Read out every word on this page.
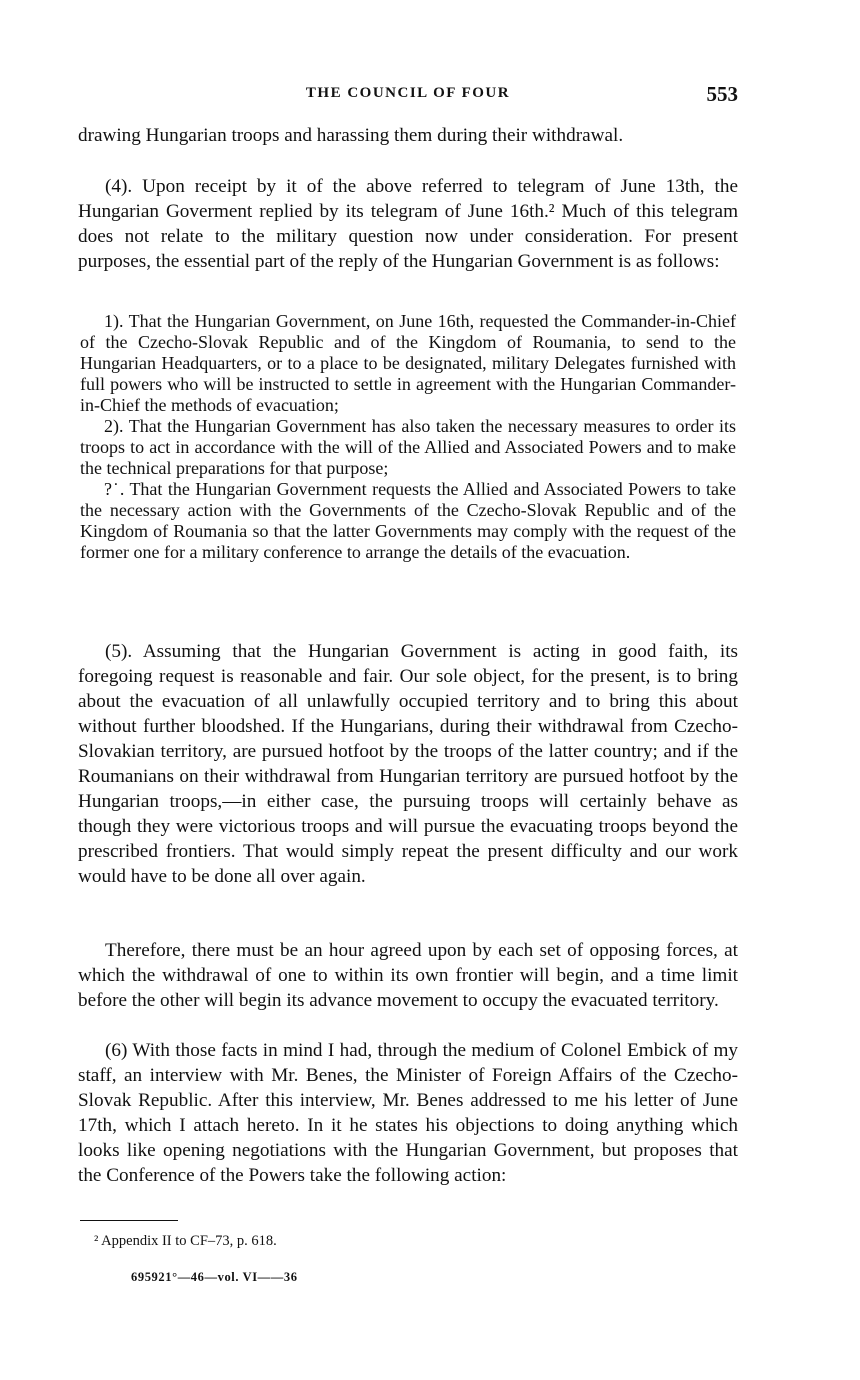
THE COUNCIL OF FOUR	553

drawing Hungarian troops and harassing them during their withdrawal.

(4). Upon receipt by it of the above referred to telegram of June 13th, the Hungarian Goverment replied by its telegram of June 16th.² Much of this telegram does not relate to the military question now under consideration. For present purposes, the essential part of the reply of the Hungarian Government is as follows:

1). That the Hungarian Government, on June 16th, requested the Commander-in-Chief of the Czecho-Slovak Republic and of the Kingdom of Roumania, to send to the Hungarian Headquarters, or to a place to be designated, military Delegates furnished with full powers who will be instructed to settle in agreement with the Hungarian Commander-in-Chief the methods of evacuation;

2). That the Hungarian Government has also taken the necessary measures to order its troops to act in accordance with the will of the Allied and Associated Powers and to make the technical preparations for that purpose;

?˙. That the Hungarian Government requests the Allied and Associated Powers to take the necessary action with the Governments of the Czecho-Slovak Republic and of the Kingdom of Roumania so that the latter Governments may comply with the request of the former one for a military conference to arrange the details of the evacuation.

(5). Assuming that the Hungarian Government is acting in good faith, its foregoing request is reasonable and fair. Our sole object, for the present, is to bring about the evacuation of all unlawfully occupied territory and to bring this about without further bloodshed. If the Hungarians, during their withdrawal from Czecho-Slovakian territory, are pursued hotfoot by the troops of the latter country; and if the Roumanians on their withdrawal from Hungarian territory are pursued hotfoot by the Hungarian troops,—in either case, the pursuing troops will certainly behave as though they were victorious troops and will pursue the evacuating troops beyond the prescribed frontiers. That would simply repeat the present difficulty and our work would have to be done all over again.

Therefore, there must be an hour agreed upon by each set of opposing forces, at which the withdrawal of one to within its own frontier will begin, and a time limit before the other will begin its advance movement to occupy the evacuated territory.

(6) With those facts in mind I had, through the medium of Colonel Embick of my staff, an interview with Mr. Benes, the Minister of Foreign Affairs of the Czecho-Slovak Republic. After this interview, Mr. Benes addressed to me his letter of June 17th, which I attach hereto. In it he states his objections to doing anything which looks like opening negotiations with the Hungarian Government, but proposes that the Conference of the Powers take the following action:

² Appendix II to CF–73, p. 618.
695921°—46—vol. VI——36
